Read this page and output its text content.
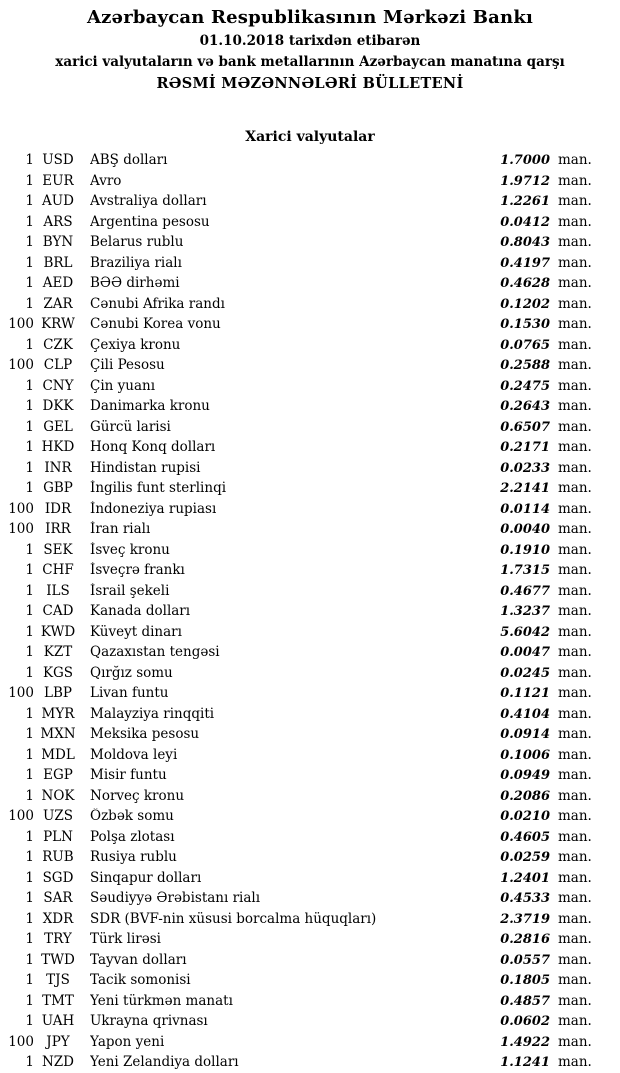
Azərbaycan Respublikasının Mərkəzi Bankı
01.10.2018 tarixdən etibarən
xarici valyutaların və bank metallarının Azərbaycan manatına qarşı
RƏSMİ MƏZƏNNƏLƏRİ BÜLLETENİ
Xarici valyutalar
1 USD	ABŞ dolları	1.7000 man.
1 EUR	Avro	1.9712 man.
1 AUD Avstraliya dolları	1.2261 man.
1 ARS	Argentina pesosu	0.0412 man.
1 BYN	Belarus rublu	0.8043 man.
1 BRL	Braziliya rialı	0.4197 man.
1 AED	BƏƏ dirhəmi	0.4628 man.
1 ZAR	Cənubi Afrika randı	0.1202 man.
100 KRW Cənubi Korea vonu	0.1530 man.
1 CZK	Çexiya kronu	0.0765 man.
100 CLP	Çili Pesosu	0.2588 man.
1 CNY	Çin yuanı	0.2475 man.
1 DKK	Danimarka kronu	0.2643 man.
1 GEL	Gürcü larisi	0.6507 man.
1 HKD Honq Konq dolları	0.2171 man.
1 INR	Hindistan rupisi	0.0233 man.
1 GBP	İngilis funt sterlinqi	2.2141 man.
100 IDR	İndoneziya rupiası	0.0114 man.
100 IRR	İran rialı	0.0040 man.
1 SEK	İsveç kronu	0.1910 man.
1 CHF	İsveçrə frankı	1.7315 man.
1 ILS	İsrail şekeli	0.4677 man.
1 CAD	Kanada dolları	1.3237 man.
1 KWD Küveyt dinarı	5.6042 man.
1 KZT	Qazaxıstan tengəsi	0.0047 man.
1 KGS	Qırğız somu	0.0245 man.
100 LBP	Livan funtu	0.1121 man.
1 MYR Malayziya rinqqiti	0.4104 man.
1 MXN Meksika pesosu	0.0914 man.
1 MDL Moldova leyi	0.1006 man.
1 EGP	Misir funtu	0.0949 man.
1 NOK Norveç kronu	0.2086 man.
100 UZS	Özbək somu	0.0210 man.
1 PLN	Polşa zlotası	0.4605 man.
1 RUB	Rusiya rublu	0.0259 man.
1 SGD	Sinqapur dolları	1.2401 man.
1 SAR	Səudiyyə Ərəbistanı rialı	0.4533 man.
1 XDR	SDR (BVF-nin xüsusi borcalma hüquqları)	2.3719 man.
1 TRY	Türk lirəsi	0.2816 man.
1 TWD Tayvan dolları	0.0557 man.
1 TJS	Tacik somonisi	0.1805 man.
1 TMT	Yeni türkmən manatı	0.4857 man.
1 UAH Ukrayna qrivnası	0.0602 man.
100 JPY	Yapon yeni	1.4922 man.
1 NZD Yeni Zelandiya dolları	1.1241 man.
